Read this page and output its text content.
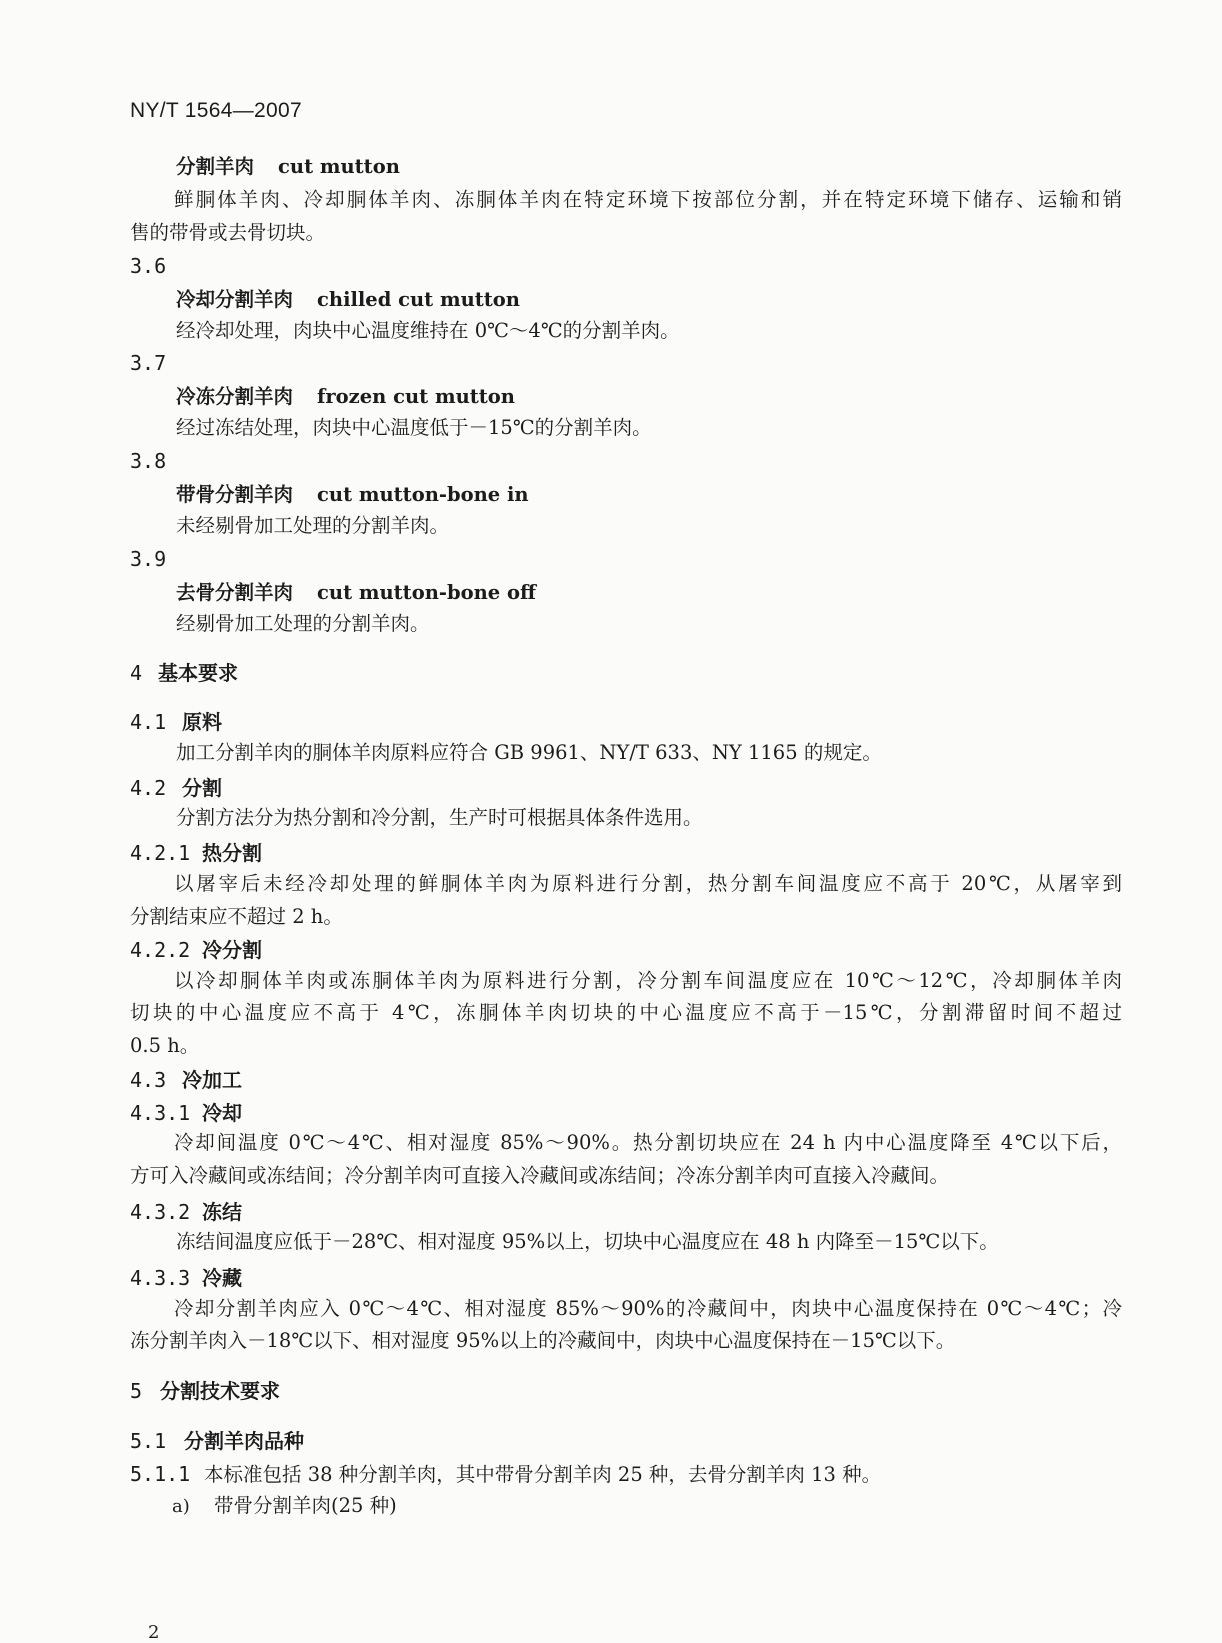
NY/T 1564—2007
分割羊肉 cut mutton
鲜胴体羊肉、冷却胴体羊肉、冻胴体羊肉在特定环境下按部位分割，并在特定环境下储存、运输和销
售的带骨或去骨切块。
3.6
冷却分割羊肉 chilled cut mutton
经冷却处理，肉块中心温度维持在 0℃～4℃的分割羊肉。
3.7
冷冻分割羊肉 frozen cut mutton
经过冻结处理，肉块中心温度低于－15℃的分割羊肉。
3.8
带骨分割羊肉 cut mutton-bone in
未经剔骨加工处理的分割羊肉。
3.9
去骨分割羊肉 cut mutton-bone off
经剔骨加工处理的分割羊肉。
4 基本要求
4.1 原料
加工分割羊肉的胴体羊肉原料应符合 GB 9961、NY/T 633、NY 1165 的规定。
4.2 分割
分割方法分为热分割和冷分割，生产时可根据具体条件选用。
4.2.1 热分割
以屠宰后未经冷却处理的鲜胴体羊肉为原料进行分割，热分割车间温度应不高于 20℃，从屠宰到
分割结束应不超过 2 h。
4.2.2 冷分割
以冷却胴体羊肉或冻胴体羊肉为原料进行分割，冷分割车间温度应在 10℃～12℃，冷却胴体羊肉
切块的中心温度应不高于 4℃，冻胴体羊肉切块的中心温度应不高于－15℃，分割滞留时间不超过
0.5 h。
4.3 冷加工
4.3.1 冷却
冷却间温度 0℃～4℃、相对湿度 85%～90%。热分割切块应在 24 h 内中心温度降至 4℃以下后，
方可入冷藏间或冻结间；冷分割羊肉可直接入冷藏间或冻结间；冷冻分割羊肉可直接入冷藏间。
4.3.2 冻结
冻结间温度应低于－28℃、相对湿度 95%以上，切块中心温度应在 48 h 内降至－15℃以下。
4.3.3 冷藏
冷却分割羊肉应入 0℃～4℃、相对湿度 85%～90%的冷藏间中，肉块中心温度保持在 0℃～4℃；冷
冻分割羊肉入－18℃以下、相对湿度 95%以上的冷藏间中，肉块中心温度保持在－15℃以下。
5 分割技术要求
5.1 分割羊肉品种
5.1.1 本标准包括 38 种分割羊肉，其中带骨分割羊肉 25 种，去骨分割羊肉 13 种。
a) 带骨分割羊肉(25 种)
2
